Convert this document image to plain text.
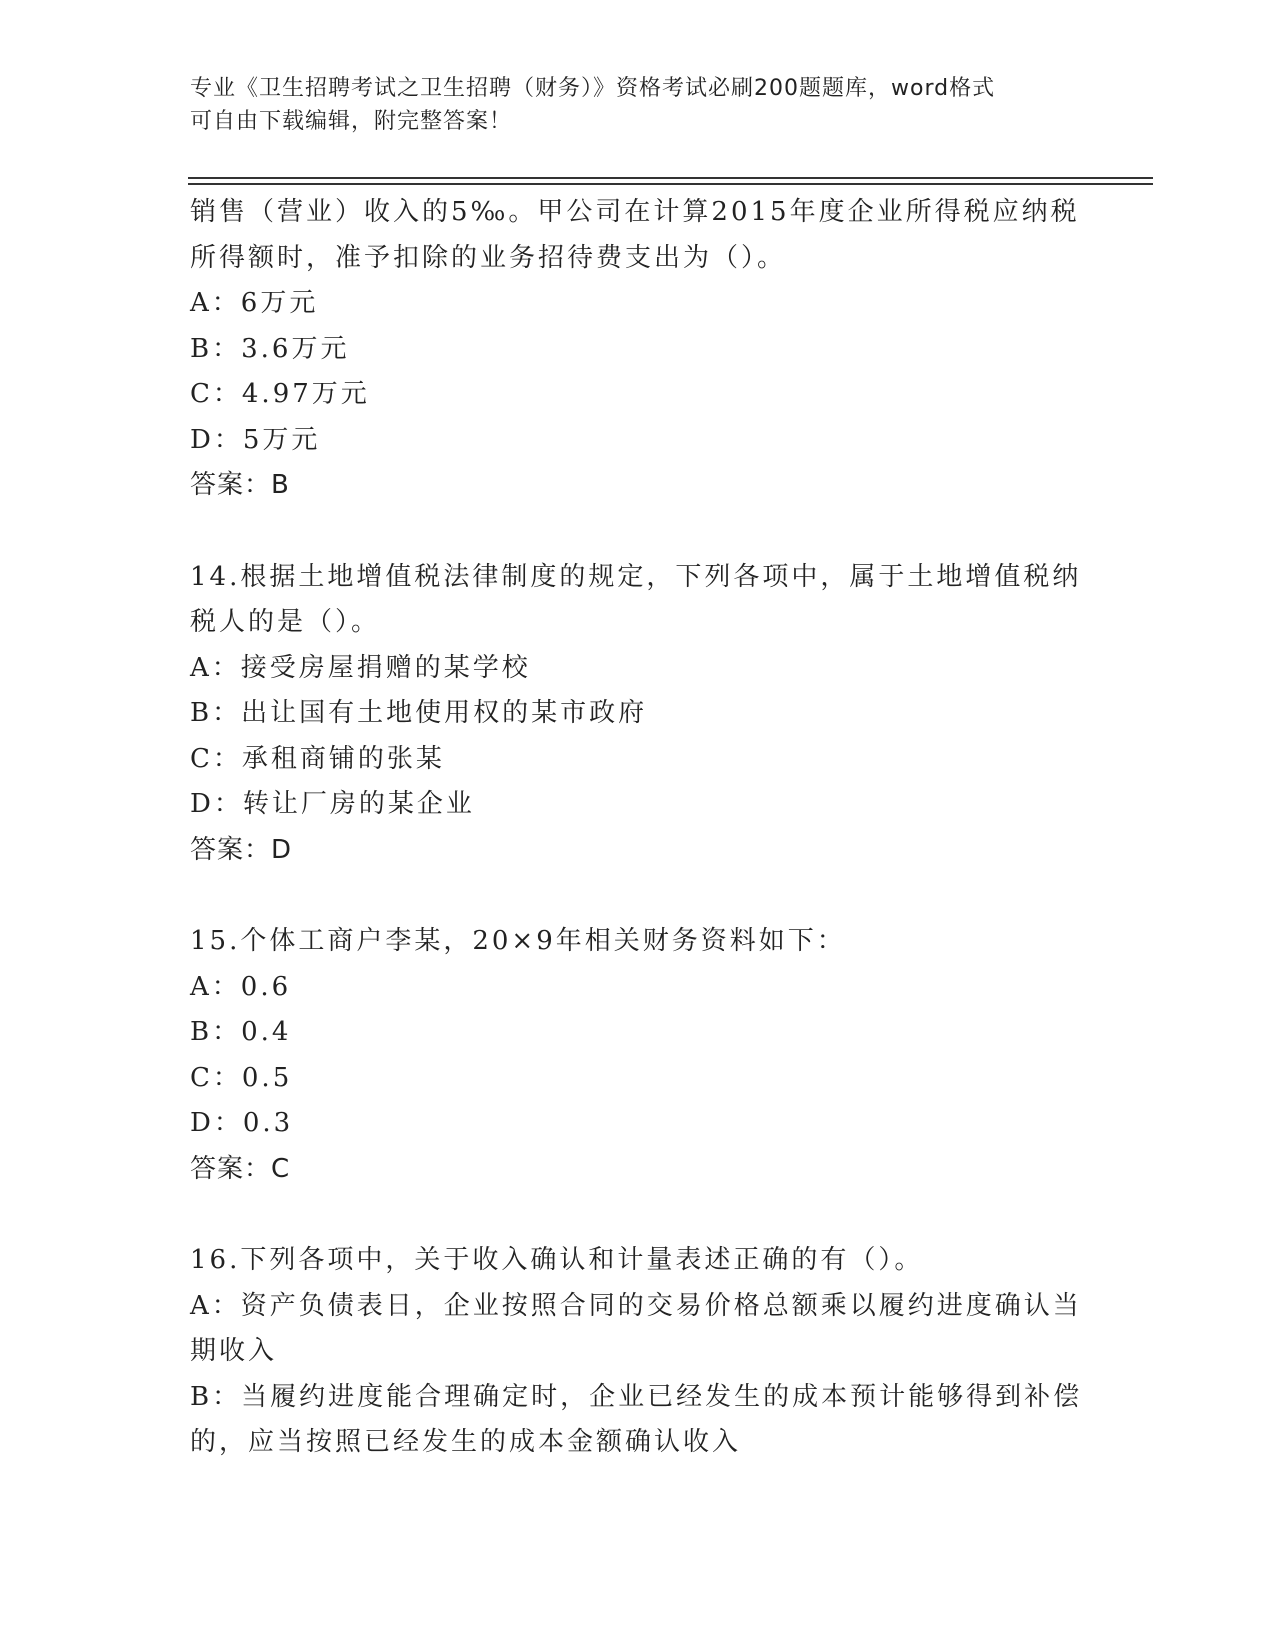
专业《卫生招聘考试之卫生招聘（财务）》资格考试必刷200题题库，word格式
可自由下载编辑，附完整答案！
销售（营业）收入的5‰。甲公司在计算2015年度企业所得税应纳税
所得额时，准予扣除的业务招待费支出为（）。
A：6万元
B：3.6万元
C：4.97万元
D：5万元
答案：B
14.根据土地增值税法律制度的规定，下列各项中，属于土地增值税纳
税人的是（）。
A：接受房屋捐赠的某学校
B：出让国有土地使用权的某市政府
C：承租商铺的张某
D：转让厂房的某企业
答案：D
15.个体工商户李某，20×9年相关财务资料如下：
A：0.6
B：0.4
C：0.5
D：0.3
答案：C
16.下列各项中，关于收入确认和计量表述正确的有（）。
A：资产负债表日，企业按照合同的交易价格总额乘以履约进度确认当
期收入
B：当履约进度能合理确定时，企业已经发生的成本预计能够得到补偿
的，应当按照已经发生的成本金额确认收入
